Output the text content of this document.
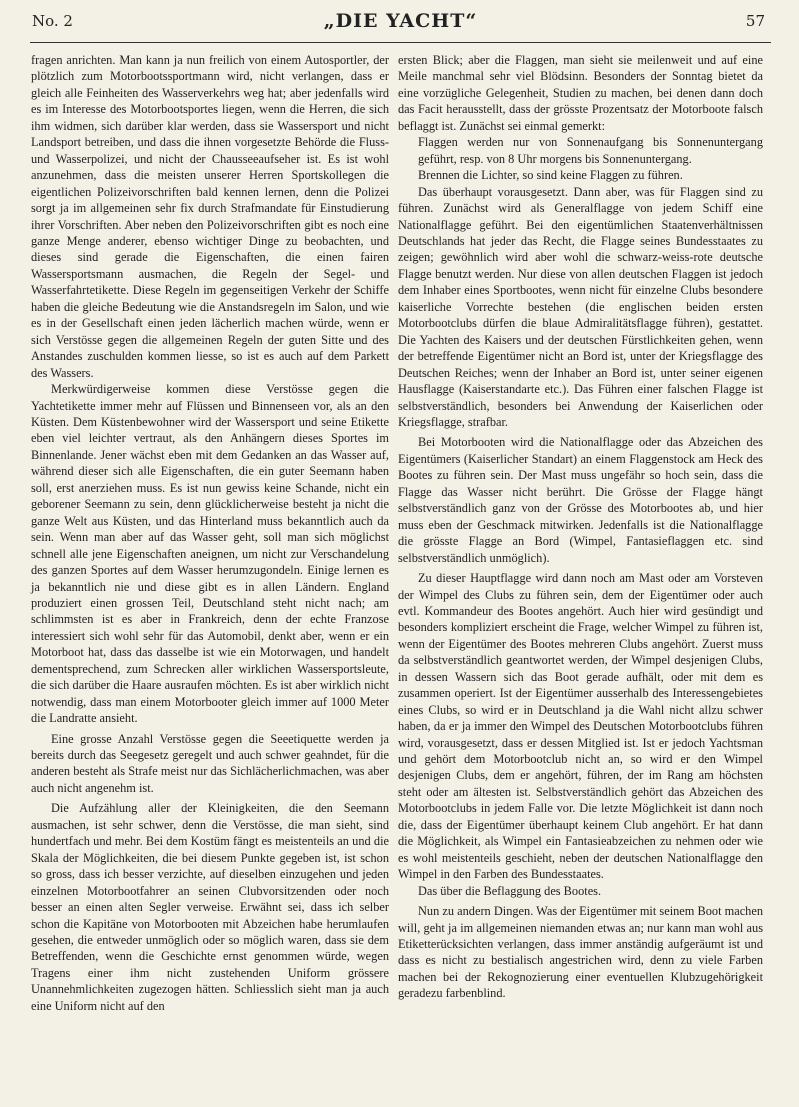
No. 2	„DIE YACHT“	57

fragen anrichten. Man kann ja nun freilich von einem Autosportler, der plötzlich zum Motorbootssportmann wird, nicht verlangen, dass er gleich alle Feinheiten des Wasserverkehrs weg hat; aber jedenfalls wird es im Interesse des Motorbootsportes liegen, wenn die Herren, die sich ihm widmen, sich darüber klar werden, dass sie Wassersport und nicht Landsport betreiben, und dass die ihnen vorgesetzte Behörde die Fluss- und Wasserpolizei, und nicht der Chausseeaufseher ist. Es ist wohl anzunehmen, dass die meisten unserer Herren Sportskollegen die eigentlichen Polizeivorschriften bald kennen lernen, denn die Polizei sorgt ja im allgemeinen sehr fix durch Strafmandate für Einstudierung ihrer Vorschriften. Aber neben den Polizeivorschriften gibt es noch eine ganze Menge anderer, ebenso wichtiger Dinge zu beobachten, und dieses sind gerade die Eigenschaften, die einen fairen Wassersportsmann ausmachen, die Regeln der Segel- und Wasserfahrtetikette. Diese Regeln im gegenseitigen Verkehr der Schiffe haben die gleiche Bedeutung wie die Anstandsregeln im Salon, und wie es in der Gesellschaft einen jeden lächerlich machen würde, wenn er sich Verstösse gegen die allgemeinen Regeln der guten Sitte und des Anstandes zuschulden kommen liesse, so ist es auch auf dem Parkett des Wassers.

Merkwürdigerweise kommen diese Verstösse gegen die Yachtetikette immer mehr auf Flüssen und Binnenseen vor, als an den Küsten. Dem Küstenbewohner wird der Wassersport und seine Etikette eben viel leichter vertraut, als den Anhängern dieses Sportes im Binnenlande. Jener wächst eben mit dem Gedanken an das Wasser auf, während dieser sich alle Eigenschaften, die ein guter Seemann haben soll, erst anerziehen muss. Es ist nun gewiss keine Schande, nicht ein geborener Seemann zu sein, denn glücklicherweise besteht ja nicht die ganze Welt aus Küsten, und das Hinterland muss bekanntlich auch da sein. Wenn man aber auf das Wasser geht, soll man sich möglichst schnell alle jene Eigenschaften aneignen, um nicht zur Verschandelung des ganzen Sportes auf dem Wasser herumzugondeln. Einige lernen es ja bekanntlich nie und diese gibt es in allen Ländern. England produziert einen grossen Teil, Deutschland steht nicht nach; am schlimmsten ist es aber in Frankreich, denn der echte Franzose interessiert sich wohl sehr für das Automobil, denkt aber, wenn er ein Motorboot hat, dass das dasselbe ist wie ein Motorwagen, und handelt dementsprechend, zum Schrecken aller wirklichen Wassersportsleute, die sich darüber die Haare ausraufen möchten. Es ist aber wirklich nicht notwendig, dass man einem Motorbooter gleich immer auf 1000 Meter die Landratte ansieht.

Eine grosse Anzahl Verstösse gegen die Seeetiquette werden ja bereits durch das Seegesetz geregelt und auch schwer geahndet, für die anderen besteht als Strafe meist nur das Sichlächerlichmachen, was aber auch nicht angenehm ist.

Die Aufzählung aller der Kleinigkeiten, die den Seemann ausmachen, ist sehr schwer, denn die Verstösse, die man sieht, sind hundertfach und mehr. Bei dem Kostüm fängt es meistenteils an und die Skala der Möglichkeiten, die bei diesem Punkte gegeben ist, ist schon so gross, dass ich besser verzichte, auf dieselben einzugehen und jeden einzelnen Motorbootfahrer an seinen Clubvorsitzenden oder noch besser an einen alten Segler verweise. Erwähnt sei, dass ich selber schon die Kapitäne von Motorbooten mit Abzeichen habe herumlaufen gesehen, die entweder unmöglich oder so möglich waren, dass sie dem Betreffenden, wenn die Geschichte ernst genommen würde, wegen Tragens einer ihm nicht zustehenden Uniform grössere Unannehmlichkeiten zugezogen hätten. Schliesslich sieht man ja auch eine Uniform nicht auf den

ersten Blick; aber die Flaggen, man sieht sie meilenweit und auf eine Meile manchmal sehr viel Blödsinn. Besonders der Sonntag bietet da eine vorzügliche Gelegenheit, Studien zu machen, bei denen dann doch das Facit herausstellt, dass der grösste Prozentsatz der Motorboote falsch beflaggt ist. Zunächst sei einmal gemerkt:

Flaggen werden nur von Sonnenaufgang bis Sonnenuntergang geführt, resp. von 8 Uhr morgens bis Sonnenuntergang.

Brennen die Lichter, so sind keine Flaggen zu führen.

Das überhaupt vorausgesetzt. Dann aber, was für Flaggen sind zu führen. Zunächst wird als Generalflagge von jedem Schiff eine Nationalflagge geführt. Bei den eigentümlichen Staatenverhältnissen Deutschlands hat jeder das Recht, die Flagge seines Bundesstaates zu zeigen; gewöhnlich wird aber wohl die schwarz-weiss-rote deutsche Flagge benutzt werden. Nur diese von allen deutschen Flaggen ist jedoch dem Inhaber eines Sportbootes, wenn nicht für einzelne Clubs besondere kaiserliche Vorrechte bestehen (die englischen beiden ersten Motorbootclubs dürfen die blaue Admiralitätsflagge führen), gestattet. Die Yachten des Kaisers und der deutschen Fürstlichkeiten gehen, wenn der betreffende Eigentümer nicht an Bord ist, unter der Kriegsflagge des Deutschen Reiches; wenn der Inhaber an Bord ist, unter seiner eigenen Hausflagge (Kaiserstandarte etc.). Das Führen einer falschen Flagge ist selbstverständlich, besonders bei Anwendung der Kaiserlichen oder Kriegsflagge, strafbar.

Bei Motorbooten wird die Nationalflagge oder das Abzeichen des Eigentümers (Kaiserlicher Standart) an einem Flaggenstock am Heck des Bootes zu führen sein. Der Mast muss ungefähr so hoch sein, dass die Flagge das Wasser nicht berührt. Die Grösse der Flagge hängt selbstverständlich ganz von der Grösse des Motorbootes ab, und hier muss eben der Geschmack mitwirken. Jedenfalls ist die Nationalflagge die grösste Flagge an Bord (Wimpel, Fantasieflaggen etc. sind selbstverständlich unmöglich).

Zu dieser Hauptflagge wird dann noch am Mast oder am Vorsteven der Wimpel des Clubs zu führen sein, dem der Eigentümer oder auch evtl. Kommandeur des Bootes angehört. Auch hier wird gesündigt und besonders kompliziert erscheint die Frage, welcher Wimpel zu führen ist, wenn der Eigentümer des Bootes mehreren Clubs angehört. Zuerst muss da selbstverständlich geantwortet werden, der Wimpel desjenigen Clubs, in dessen Wassern sich das Boot gerade aufhält, oder mit dem es zusammen operiert. Ist der Eigentümer ausserhalb des Interessengebietes eines Clubs, so wird er in Deutschland ja die Wahl nicht allzu schwer haben, da er ja immer den Wimpel des Deutschen Motorbootclubs führen wird, vorausgesetzt, dass er dessen Mitglied ist. Ist er jedoch Yachtsman und gehört dem Motorbootclub nicht an, so wird er den Wimpel desjenigen Clubs, dem er angehört, führen, der im Rang am höchsten steht oder am ältesten ist. Selbstverständlich gehört das Abzeichen des Motorbootclubs in jedem Falle vor. Die letzte Möglichkeit ist dann noch die, dass der Eigentümer überhaupt keinem Club angehört. Er hat dann die Möglichkeit, als Wimpel ein Fantasieabzeichen zu nehmen oder wie es wohl meistenteils geschieht, neben der deutschen Nationalflagge den Wimpel in den Farben des Bundesstaates.

Das über die Beflaggung des Bootes.

Nun zu andern Dingen. Was der Eigentümer mit seinem Boot machen will, geht ja im allgemeinen niemanden etwas an; nur kann man wohl aus Etiketterücksichten verlangen, dass immer anständig aufgeräumt ist und dass es nicht zu bestialisch angestrichen wird, denn zu viele Farben machen bei der Rekognozierung einer eventuellen Klubzugehörigkeit geradezu farbenblind.
